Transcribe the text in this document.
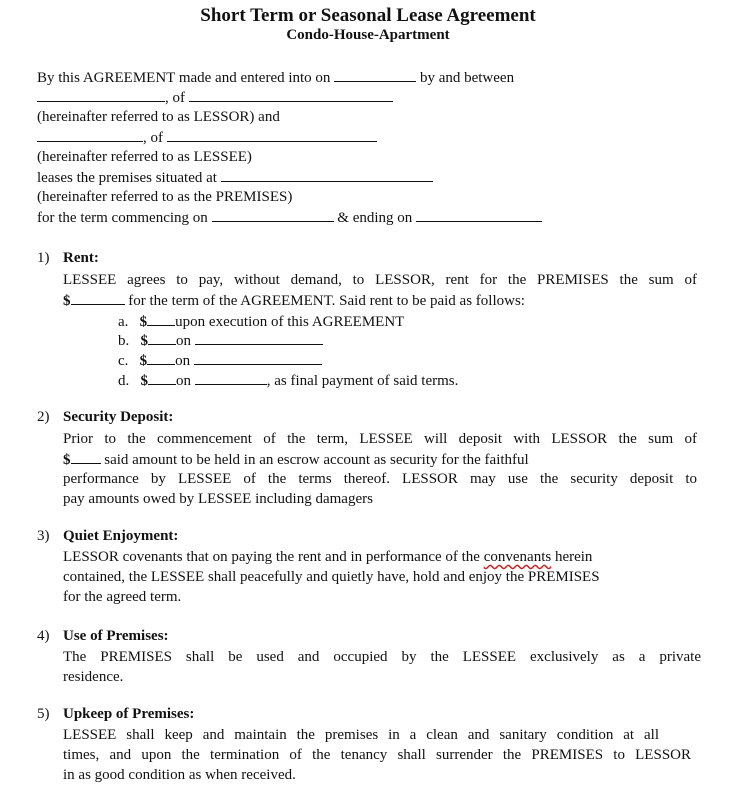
Short Term or Seasonal Lease Agreement
Condo-House-Apartment
By this AGREEMENT made and entered into on	by and between
, of
(hereinafter referred to as LESSOR) and
, of
(hereinafter referred to as LESSEE)
leases the premises situated at
(hereinafter referred to as the PREMISES)
for the term commencing on	& ending on
1) Rent:
LESSEE agrees to pay, without demand, to LESSOR, rent for the PREMISES the sum of
$	for the term of the AGREEMENT. Said rent to be paid as follows:
a. $ upon execution of this AGREEMENT
b. $ on
c. $ on
d. $ on	, as final payment of said terms.
2) Security Deposit:
Prior to the commencement of the term, LESSEE will deposit with LESSOR the sum of
$ said amount to be held in an escrow account as security for the faithful
performance by LESSEE of the terms thereof. LESSOR may use the security deposit to
pay amounts owed by LESSEE including damagers
3) Quiet Enjoyment:
LESSOR covenants that on paying the rent and in performance of the convenants herein
contained, the LESSEE shall peacefully and quietly have, hold and enjoy the PREMISES
for the agreed term.
4) Use of Premises:
The PREMISES shall be used and occupied by the LESSEE exclusively as a private
residence.
5) Upkeep of Premises:
LESSEE shall keep and maintain the premises in a clean and sanitary condition at all
times, and upon the termination of the tenancy shall surrender the PREMISES to LESSOR
in as good condition as when received.
